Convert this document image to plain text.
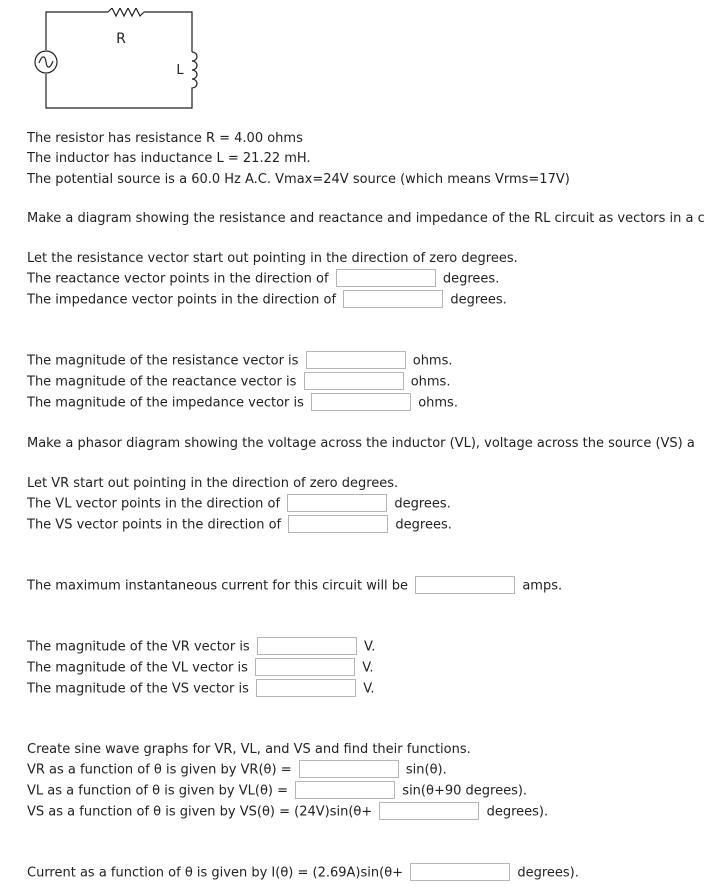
R
L
The resistor has resistance R = 4.00 ohms
The inductor has inductance L = 21.22 mH.
The potential source is a 60.0 Hz A.C. Vmax=24V source (which means Vrms=17V)
Make a diagram showing the resistance and reactance and impedance of the RL circuit as vectors in a c
Let the resistance vector start out pointing in the direction of zero degrees.
The reactance vector points in the direction of	degrees.
The impedance vector points in the direction of	degrees.
The magnitude of the resistance vector is	ohms.
The magnitude of the reactance vector is	ohms.
The magnitude of the impedance vector is	ohms.
Make a phasor diagram showing the voltage across the inductor (VL), voltage across the source (VS) a
Let VR start out pointing in the direction of zero degrees.
The VL vector points in the direction of	degrees.
The VS vector points in the direction of	degrees.
The maximum instantaneous current for this circuit will be	amps.
The magnitude of the VR vector is	V.
The magnitude of the VL vector is	V.
The magnitude of the VS vector is	V.
Create sine wave graphs for VR, VL, and VS and find their functions.
VR as a function of θ is given by VR(θ) =	sin(θ).
VL as a function of θ is given by VL(θ) =	sin(θ+90 degrees).
VS as a function of θ is given by VS(θ) = (24V)sin(θ+	degrees).
Current as a function of θ is given by I(θ) = (2.69A)sin(θ+	degrees).
